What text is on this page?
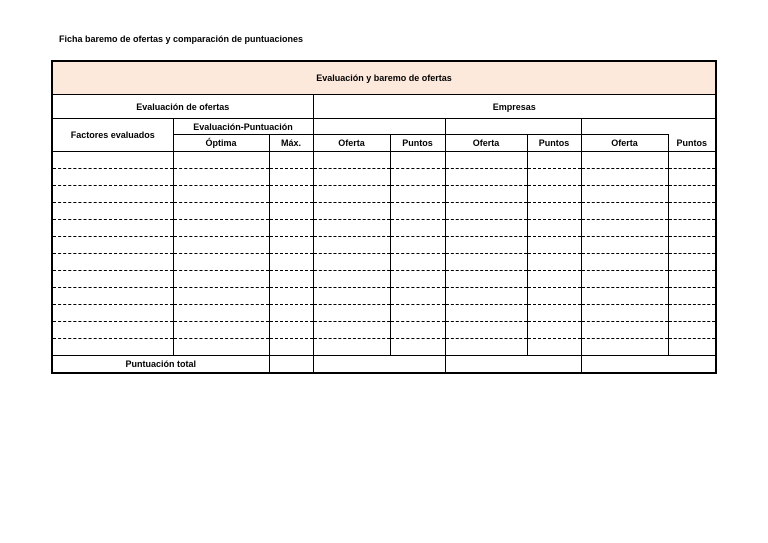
Ficha baremo de ofertas y comparación de puntuaciones
Evaluación y baremo de ofertas								
Evaluación de ofertas			Empresas					
Factores evaluados	Evaluación-Puntuación							
	Óptima	Máx.	Oferta	Puntos	Oferta	Puntos	Oferta	Puntos

Puntuación total								
